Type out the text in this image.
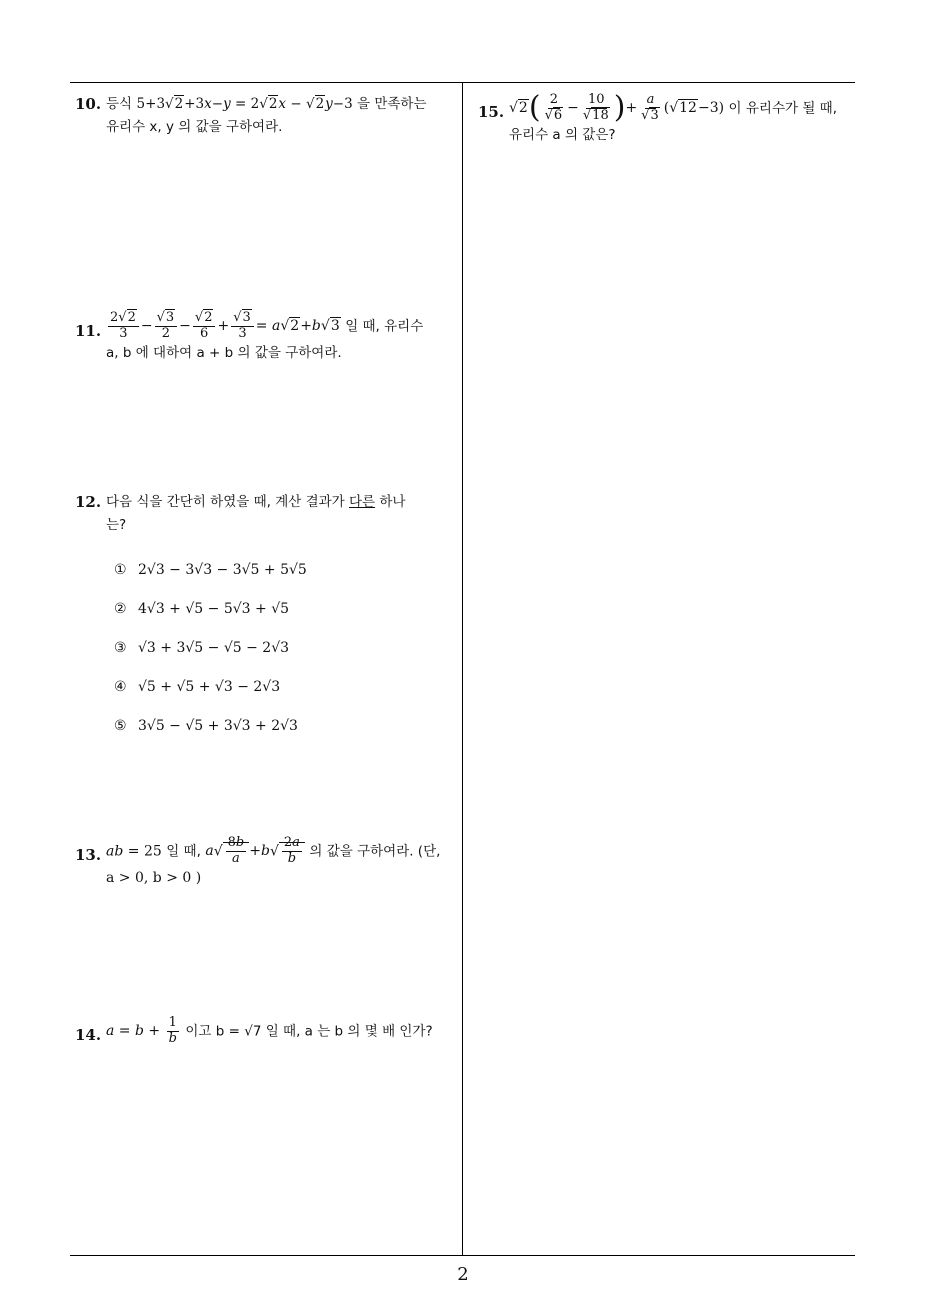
10. 등식 5+3√2+3x−y = 2√2x − √2y−3 을 만족하는
유리수 x, y 의 값을 구하여라.
11. $\frac{2√2}{3} - \frac{√3}{2} - \frac{√2}{6} + \frac{√3}{3} = a√2+b√3$ 일 때, 유리수
a, b 에 대하여 a + b 의 값을 구하여라.
12. 다음 식을 간단히 하였을 때, 계산 결과가 다른 하나
는?
① 2√3 − 3√3 − 3√5 + 5√5
② 4√3 + √5 − 5√3 + √5
③ √3 + 3√5 − √5 − 2√3
④ √5 + √5 + √3 − 2√3
⑤ 3√5 − √5 + 3√3 + 2√3
13. ab = 25 일 때, $a√ \frac{8b}{a} +b√ \frac{2a}{b}$ 의 값을 구하여라. (단,
a > 0, b > 0 )
14. $a = b + \frac{1}{b}$ 이고 b = √7 일 때, a 는 b 의 몇 배 인가?
15. $√2( \frac{2}{√6} - \frac{10}{√18}$ )+ $\frac{a}{√3} (√12-3)$ 이 유리수가 될 때,
유리수 a 의 값은?
2
